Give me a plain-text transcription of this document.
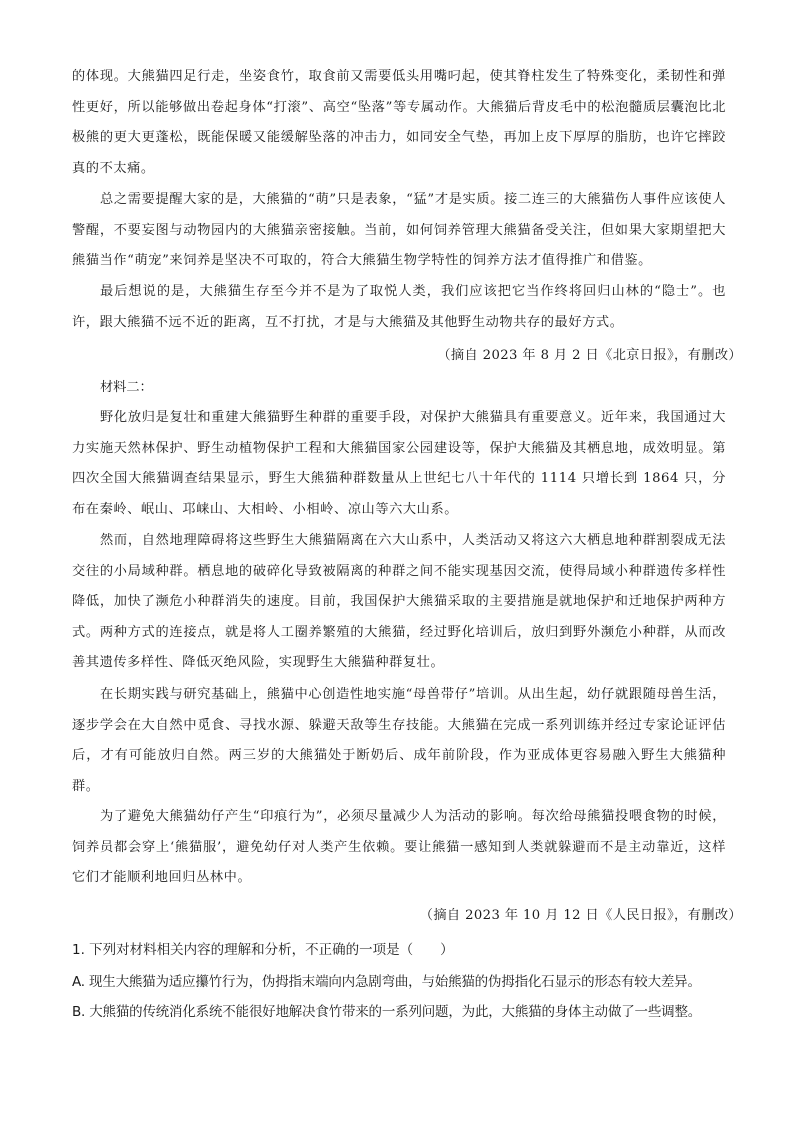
的体现。大熊猫四足行走，坐姿食竹，取食前又需要低头用嘴叼起，使其脊柱发生了特殊变化，柔韧性和弹性更好，所以能够做出卷起身体“打滚”、高空“坠落”等专属动作。大熊猫后背皮毛中的松泡髓质层囊泡比北极熊的更大更蓬松，既能保暖又能缓解坠落的冲击力，如同安全气垫，再加上皮下厚厚的脂肪，也许它摔跤真的不太痛。

总之需要提醒大家的是，大熊猫的“萌”只是表象，“猛”才是实质。接二连三的大熊猫伤人事件应该使人警醒，不要妄图与动物园内的大熊猫亲密接触。当前，如何饲养管理大熊猫备受关注，但如果大家期望把大熊猫当作“萌宠”来饲养是坚决不可取的，符合大熊猫生物学特性的饲养方法才值得推广和借鉴。

最后想说的是，大熊猫生存至今并不是为了取悦人类，我们应该把它当作终将回归山林的“隐士”。也许，跟大熊猫不远不近的距离，互不打扰，才是与大熊猫及其他野生动物共存的最好方式。

（摘自 2023 年 8 月 2 日《北京日报》，有删改）

材料二：

野化放归是复壮和重建大熊猫野生种群的重要手段，对保护大熊猫具有重要意义。近年来，我国通过大力实施天然林保护、野生动植物保护工程和大熊猫国家公园建设等，保护大熊猫及其栖息地，成效明显。第四次全国大熊猫调查结果显示，野生大熊猫种群数量从上世纪七八十年代的 1114 只增长到 1864 只，分布在秦岭、岷山、邛崃山、大相岭、小相岭、凉山等六大山系。

然而，自然地理障碍将这些野生大熊猫隔离在六大山系中，人类活动又将这六大栖息地种群割裂成无法交往的小局域种群。栖息地的破碎化导致被隔离的种群之间不能实现基因交流，使得局域小种群遗传多样性降低，加快了濒危小种群消失的速度。目前，我国保护大熊猫采取的主要措施是就地保护和迁地保护两种方式。两种方式的连接点，就是将人工圈养繁殖的大熊猫，经过野化培训后，放归到野外濒危小种群，从而改善其遗传多样性、降低灭绝风险，实现野生大熊猫种群复壮。

在长期实践与研究基础上，熊猫中心创造性地实施“母兽带仔”培训。从出生起，幼仔就跟随母兽生活，逐步学会在大自然中觅食、寻找水源、躲避天敌等生存技能。大熊猫在完成一系列训练并经过专家论证评估后，才有可能放归自然。两三岁的大熊猫处于断奶后、成年前阶段，作为亚成体更容易融入野生大熊猫种群。

为了避免大熊猫幼仔产生“印痕行为”，必须尽量减少人为活动的影响。每次给母熊猫投喂食物的时候，饲养员都会穿上‘熊猫服’，避免幼仔对人类产生依赖。要让熊猫一感知到人类就躲避而不是主动靠近，这样它们才能顺利地回归丛林中。

（摘自 2023 年 10 月 12 日《人民日报》，有删改）

1. 下列对材料相关内容的理解和分析，不正确的一项是（　　）

A. 现生大熊猫为适应攥竹行为，伪拇指末端向内急剧弯曲，与始熊猫的伪拇指化石显示的形态有较大差异。

B. 大熊猫的传统消化系统不能很好地解决食竹带来的一系列问题，为此，大熊猫的身体主动做了一些调整。
